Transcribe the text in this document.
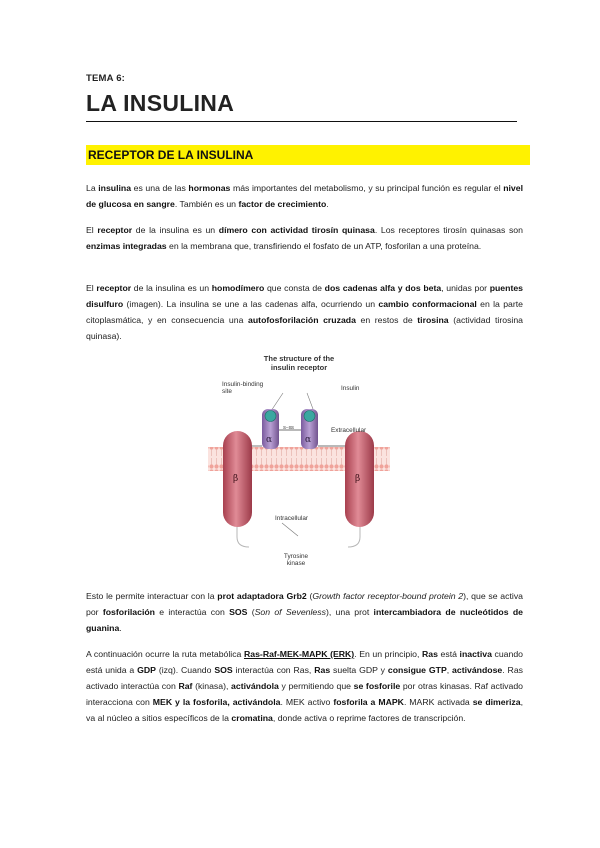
TEMA 6:
LA INSULINA
RECEPTOR DE LA INSULINA
La insulina es una de las hormonas más importantes del metabolismo, y su principal función es regular el nivel de glucosa en sangre. También es un factor de crecimiento.
El receptor de la insulina es un dímero con actividad tirosín quinasa. Los receptores tirosín quinasas son enzimas integradas en la membrana que, transfiriendo el fosfato de un ATP, fosforilan a una proteína.
El receptor de la insulina es un homodímero que consta de dos cadenas alfa y dos beta, unidas por puentes disulfuro (imagen). La insulina se une a las cadenas alfa, ocurriendo un cambio conformacional en la parte citoplasmática, y en consecuencia una autofosforilación cruzada en restos de tirosina (actividad tirosina quinasa).
S–S S
α	α
β	β
The structure of the
insulin receptor
Insulin-binding
site	Insulin
Extracellular
Intracellular
Tyrosine
kinase
Esto le permite interactuar con la prot adaptadora Grb2 (Growth factor receptor-bound protein 2), que se activa por fosforilación e interactúa con SOS (Son of Sevenless), una prot intercambiadora de nucleótidos de guanina.
A continuación ocurre la ruta metabólica Ras-Raf-MEK-MAPK (ERK). En un principio, Ras está inactiva cuando está unida a GDP (izq). Cuando SOS interactúa con Ras, Ras suelta GDP y consigue GTP, activándose. Ras activado interactúa con Raf (kinasa), activándola y permitiendo que se fosforile por otras kinasas. Raf activado interacciona con MEK y la fosforila, activándola. MEK activo fosforila a MAPK. MARK activada se dimeriza, va al núcleo a sitios específicos de la cromatina, donde activa o reprime factores de transcripción.
